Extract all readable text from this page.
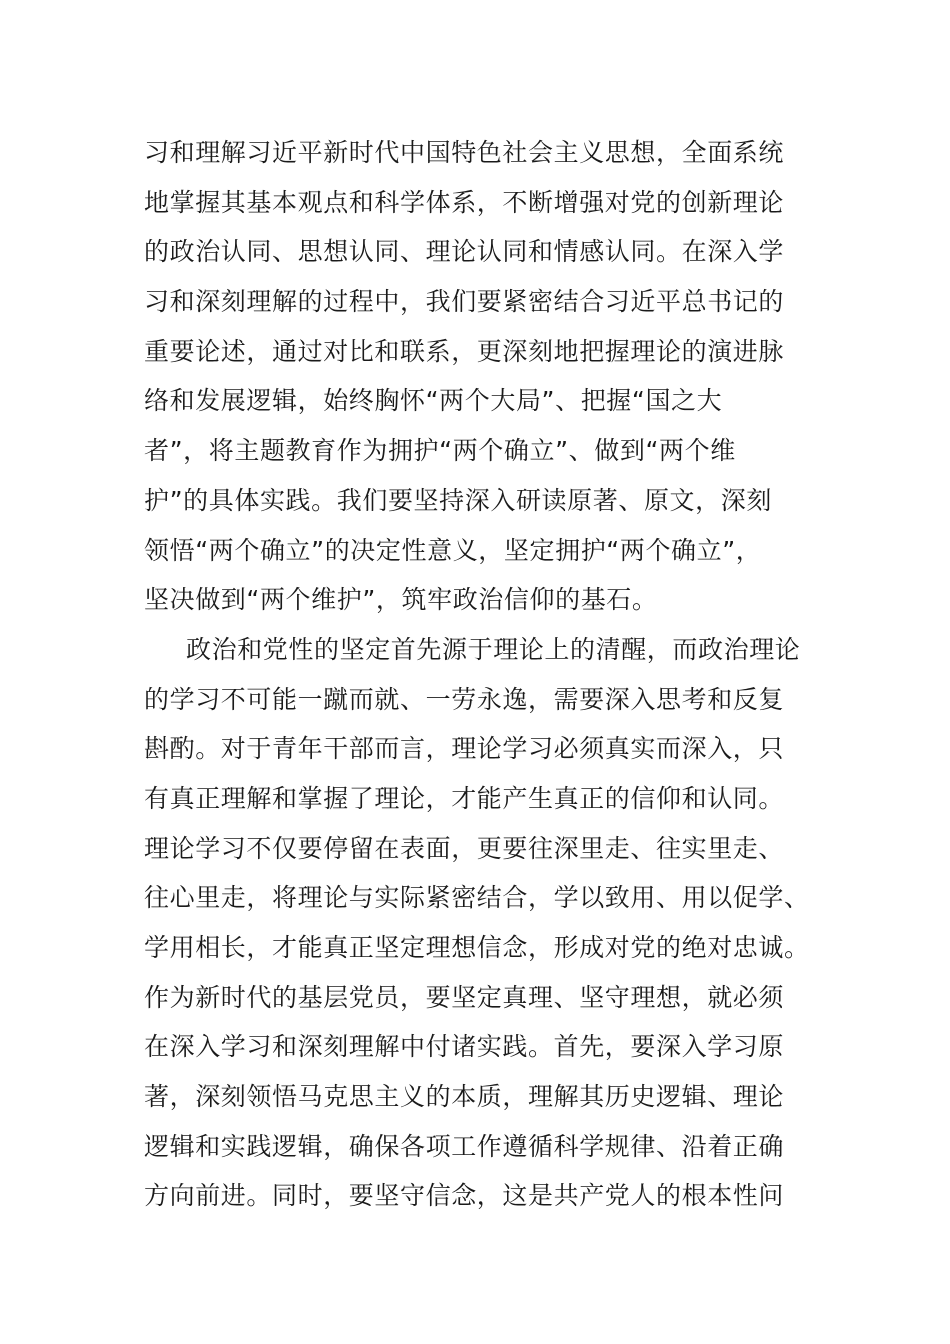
习和理解习近平新时代中国特色社会主义思想，全面系统
地掌握其基本观点和科学体系，不断增强对党的创新理论
的政治认同、思想认同、理论认同和情感认同。在深入学
习和深刻理解的过程中，我们要紧密结合习近平总书记的
重要论述，通过对比和联系，更深刻地把握理论的演进脉
络和发展逻辑，始终胸怀“两个大局”、把握“国之大
者”，将主题教育作为拥护“两个确立”、做到“两个维
护”的具体实践。我们要坚持深入研读原著、原文，深刻
领悟“两个确立”的决定性意义，坚定拥护“两个确立”，
坚决做到“两个维护”，筑牢政治信仰的基石。
政治和党性的坚定首先源于理论上的清醒，而政治理论
的学习不可能一蹴而就、一劳永逸，需要深入思考和反复
斟酌。对于青年干部而言，理论学习必须真实而深入，只
有真正理解和掌握了理论，才能产生真正的信仰和认同。
理论学习不仅要停留在表面，更要往深里走、往实里走、
往心里走，将理论与实际紧密结合，学以致用、用以促学、
学用相长，才能真正坚定理想信念，形成对党的绝对忠诚。
作为新时代的基层党员，要坚定真理、坚守理想，就必须
在深入学习和深刻理解中付诸实践。首先，要深入学习原
著，深刻领悟马克思主义的本质，理解其历史逻辑、理论
逻辑和实践逻辑，确保各项工作遵循科学规律、沿着正确
方向前进。同时，要坚守信念，这是共产党人的根本性问
